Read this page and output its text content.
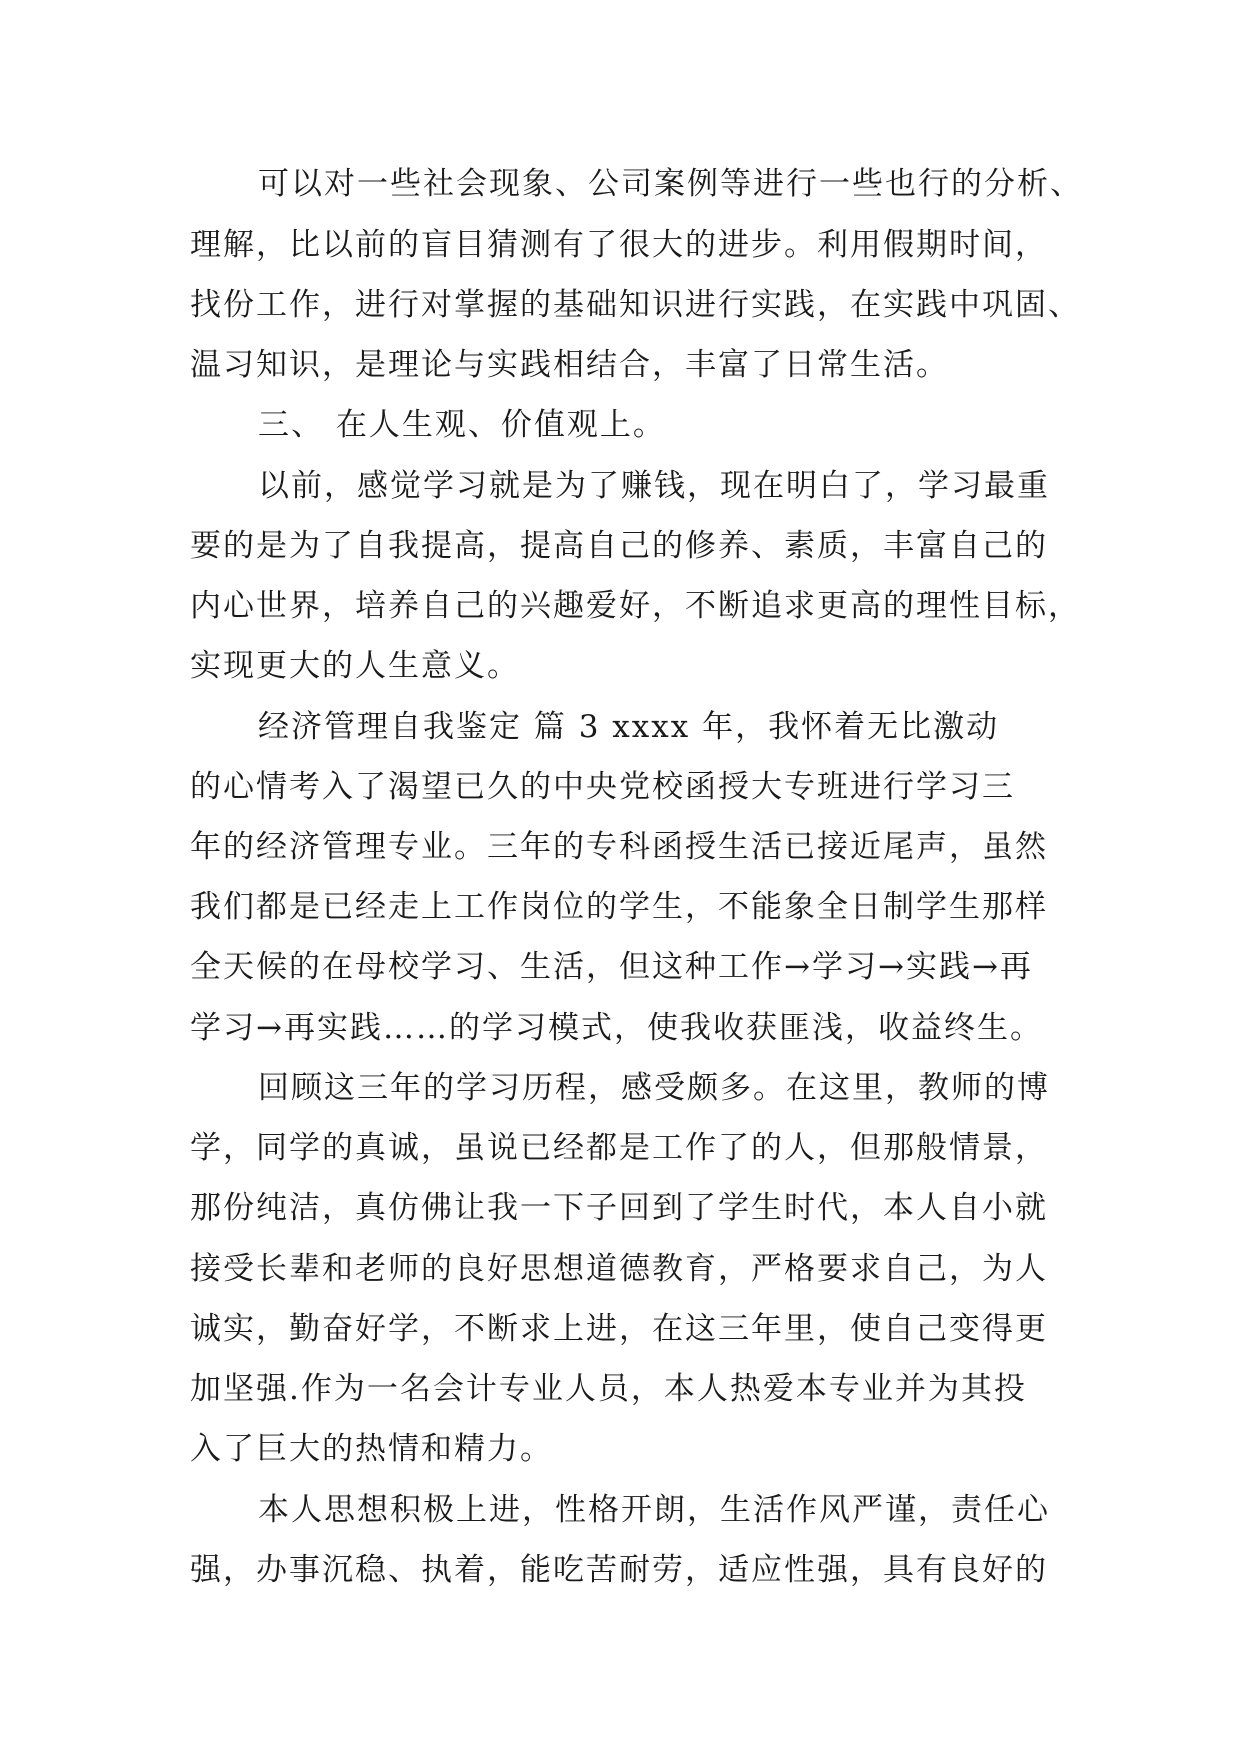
可以对一些社会现象、公司案例等进行一些也行的分析、
理解，比以前的盲目猜测有了很大的进步。利用假期时间，
找份工作，进行对掌握的基础知识进行实践，在实践中巩固、
温习知识，是理论与实践相结合，丰富了日常生活。
三、 在人生观、价值观上。
以前，感觉学习就是为了赚钱，现在明白了，学习最重
要的是为了自我提高，提高自己的修养、素质，丰富自己的
内心世界，培养自己的兴趣爱好，不断追求更高的理性目标，
实现更大的人生意义。
经济管理自我鉴定 篇 3 xxxx 年，我怀着无比激动
的心情考入了渴望已久的中央党校函授大专班进行学习三
年的经济管理专业。三年的专科函授生活已接近尾声，虽然
我们都是已经走上工作岗位的学生，不能象全日制学生那样
全天候的在母校学习、生活，但这种工作→学习→实践→再
学习→再实践……的学习模式，使我收获匪浅，收益终生。
回顾这三年的学习历程，感受颇多。在这里，教师的博
学，同学的真诚，虽说已经都是工作了的人，但那般情景，
那份纯洁，真仿佛让我一下子回到了学生时代，本人自小就
接受长辈和老师的良好思想道德教育，严格要求自己，为人
诚实，勤奋好学，不断求上进，在这三年里，使自己变得更
加坚强.作为一名会计专业人员，本人热爱本专业并为其投
入了巨大的热情和精力。
本人思想积极上进，性格开朗，生活作风严谨，责任心
强，办事沉稳、执着，能吃苦耐劳，适应性强，具有良好的
